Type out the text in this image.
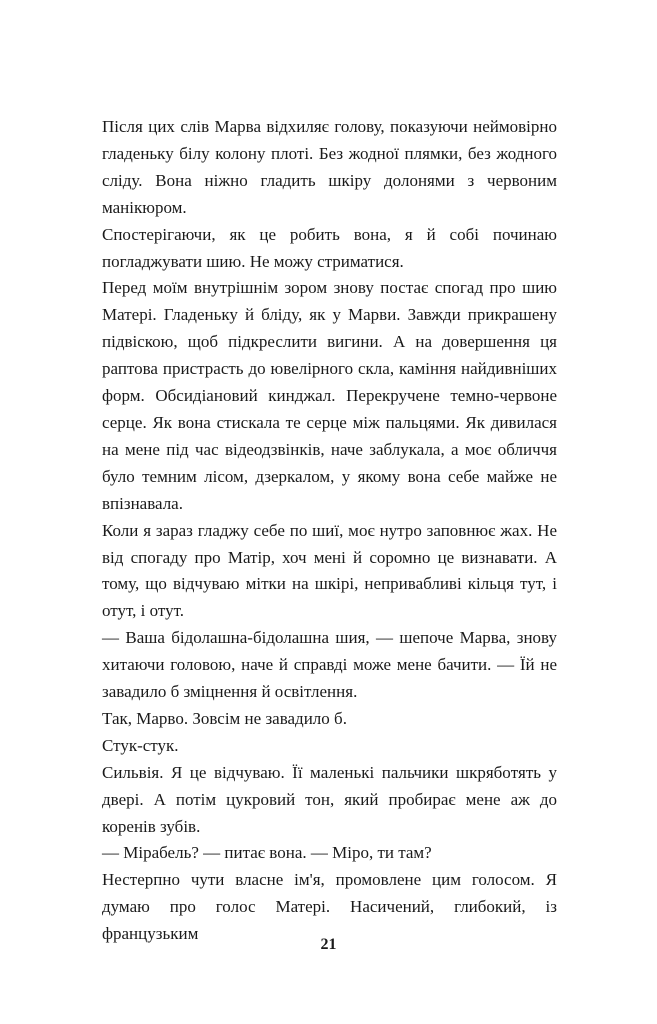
Після цих слів Марва відхиляє голову, показуючи неймовірно гладеньку білу колону плоті. Без жодної плямки, без жодного сліду. Вона ніжно гладить шкіру долонями з червоним манікюром.

Спостерігаючи, як це робить вона, я й собі починаю погладжувати шию. Не можу стриматися.

Перед моїм внутрішнім зором знову постає спогад про шию Матері. Гладеньку й бліду, як у Марви. Завжди прикрашену підвіскою, щоб підкреслити вигини. А на довершення ця раптова пристрасть до ювелірного скла, каміння найдивніших форм. Обсидіановий кинджал. Перекручене темно-червоне серце. Як вона стискала те серце між пальцями. Як дивилася на мене під час відеодзвінків, наче заблукала, а моє обличчя було темним лісом, дзеркалом, у якому вона себе майже не впізнавала.

Коли я зараз гладжу себе по шиї, моє нутро заповнює жах. Не від спогаду про Матір, хоч мені й соромно це визнавати. А тому, що відчуваю мітки на шкірі, непривабливі кільця тут, і отут, і отут.

— Ваша бідолашна-бідолашна шия, — шепоче Марва, знову хитаючи головою, наче й справді може мене бачити. — Їй не завадило б зміцнення й освітлення.

Так, Марво. Зовсім не завадило б.

Стук-стук.

Сильвія. Я це відчуваю. Її маленькі пальчики шкрябoтять у двері. А потім цукровий тон, який пробирає мене аж до коренів зубів.

— Мірабель? — питає вона. — Міро, ти там?

Нестерпно чути власне ім'я, промовлене цим голосом. Я думаю про голос Матері. Насичений, глибокий, із французьким

21
